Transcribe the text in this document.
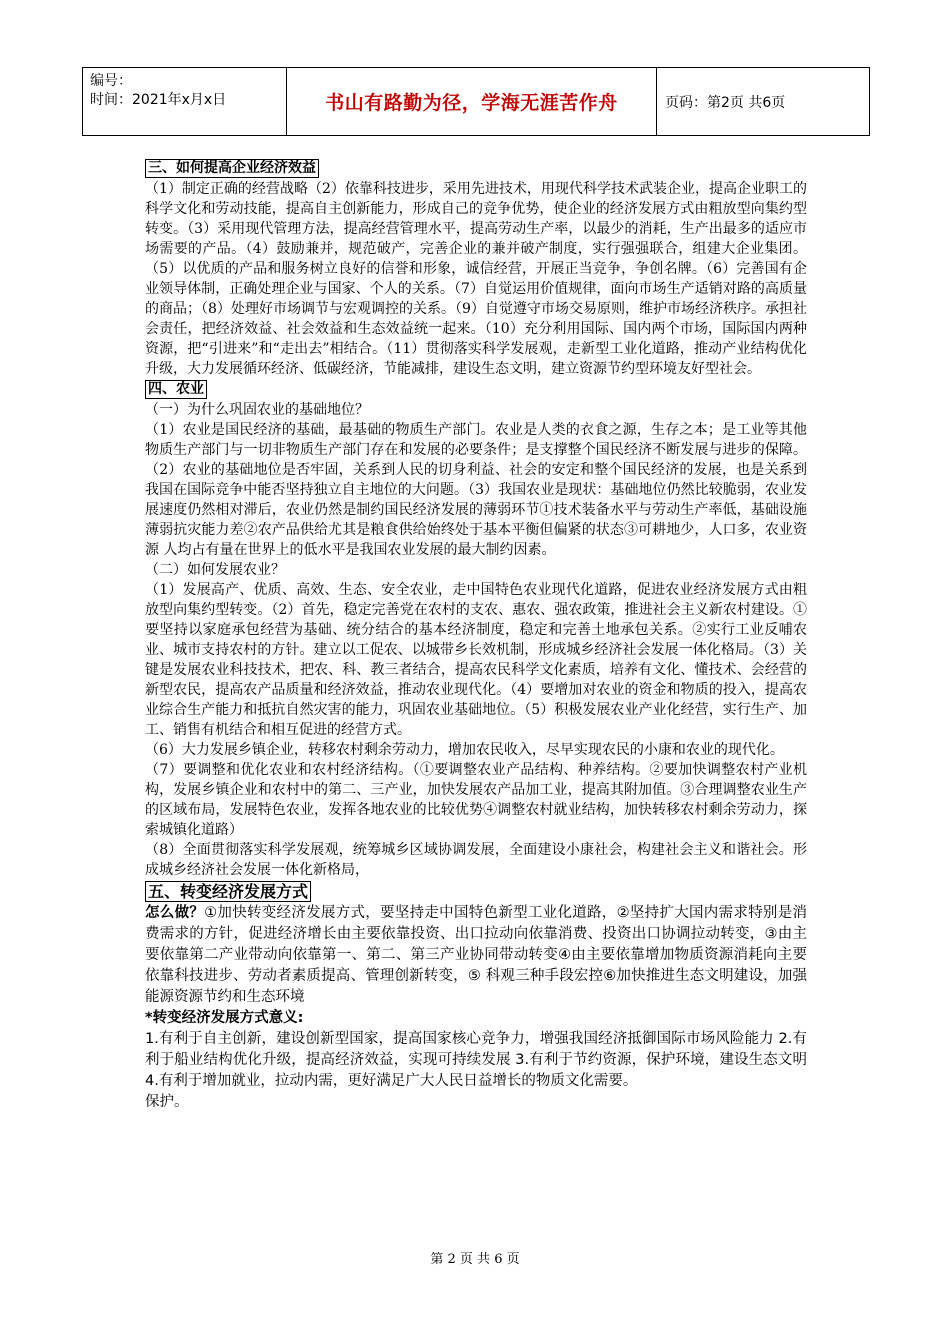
编号：
时间：2021年x月x日	书山有路勤为径，学海无涯苦作舟	页码：第2页 共6页
三、如何提高企业经济效益

（1）制定正确的经营战略（2）依靠科技进步，采用先进技术，用现代科学技术武装企业，提高企业职工的科学文化和劳动技能，提高自主创新能力，形成自己的竞争优势，使企业的经济发展方式由粗放型向集约型转变。（3）采用现代管理方法，提高经营管理水平，提高劳动生产率，以最少的消耗，生产出最多的适应市场需要的产品。（4）鼓励兼并，规范破产，完善企业的兼并破产制度，实行强强联合，组建大企业集团。（5）以优质的产品和服务树立良好的信誉和形象，诚信经营，开展正当竞争，争创名牌。（6）完善国有企业领导体制，正确处理企业与国家、个人的关系。（7）自觉运用价值规律，面向市场生产适销对路的高质量的商品；（8）处理好市场调节与宏观调控的关系。（9）自觉遵守市场交易原则，维护市场经济秩序。承担社会责任，把经济效益、社会效益和生态效益统一起来。（10）充分利用国际、国内两个市场，国际国内两种资源，把“引进来”和“走出去”相结合。（11）贯彻落实科学发展观，走新型工业化道路，推动产业结构优化升级，大力发展循环经济、低碳经济，节能减排，建设生态文明，建立资源节约型环境友好型社会。

四、农业

（一）为什么巩固农业的基础地位？

（1）农业是国民经济的基础，最基础的物质生产部门。农业是人类的衣食之源，生存之本；是工业等其他物质生产部门与一切非物质生产部门存在和发展的必要条件；是支撑整个国民经济不断发展与进步的保障。（2）农业的基础地位是否牢固，关系到人民的切身利益、社会的安定和整个国民经济的发展，也是关系到我国在国际竞争中能否坚持独立自主地位的大问题。（3）我国农业是现状：基础地位仍然比较脆弱，农业发展速度仍然相对滞后，农业仍然是制约国民经济发展的薄弱环节①技术装备水平与劳动生产率低，基础设施薄弱抗灾能力差②农产品供给尤其是粮食供给始终处于基本平衡但偏紧的状态③可耕地少，人口多，农业资源 人均占有量在世界上的低水平是我国农业发展的最大制约因素。

（二）如何发展农业？

（1）发展高产、优质、高效、生态、安全农业，走中国特色农业现代化道路，促进农业经济发展方式由粗放型向集约型转变。（2）首先，稳定完善党在农村的支农、惠农、强农政策，推进社会主义新农村建设。①要坚持以家庭承包经营为基础、统分结合的基本经济制度，稳定和完善土地承包关系。②实行工业反哺农业、城市支持农村的方针。建立以工促农、以城带乡长效机制，形成城乡经济社会发展一体化格局。（3）关键是发展农业科技技术，把农、科、教三者结合，提高农民科学文化素质，培养有文化、懂技术、会经营的新型农民，提高农产品质量和经济效益，推动农业现代化。（4）要增加对农业的资金和物质的投入，提高农业综合生产能力和抵抗自然灾害的能力，巩固农业基础地位。（5）积极发展农业产业化经营，实行生产、加工、销售有机结合和相互促进的经营方式。

（6）大力发展乡镇企业，转移农村剩余劳动力，增加农民收入，尽早实现农民的小康和农业的现代化。

（7）要调整和优化农业和农村经济结构。（①要调整农业产品结构、种养结构。②要加快调整农村产业机构，发展乡镇企业和农村中的第二、三产业，加快发展农产品加工业，提高其附加值。③合理调整农业生产的区域布局，发展特色农业，发挥各地农业的比较优势④调整农村就业结构，加快转移农村剩余劳动力，探索城镇化道路）

（8）全面贯彻落实科学发展观，统筹城乡区域协调发展，全面建设小康社会，构建社会主义和谐社会。形成城乡经济社会发展一体化新格局，

五、转变经济发展方式

怎么做？①加快转变经济发展方式，要坚持走中国特色新型工业化道路，②坚持扩大国内需求特别是消费需求的方针，促进经济增长由主要依靠投资、出口拉动向依靠消费、投资出口协调拉动转变，③由主要依靠第二产业带动向依靠第一、第二、第三产业协同带动转变④由主要依靠增加物质资源消耗向主要依靠科技进步、劳动者素质提高、管理创新转变，⑤ 科观三种手段宏控⑥加快推进生态文明建设，加强能源资源节约和生态环境

*转变经济发展方式意义:

1.有利于自主创新，建设创新型国家，提高国家核心竞争力，增强我国经济抵御国际市场风险能力 2.有利于船业结构优化升级，提高经济效益，实现可持续发展 3.有利于节约资源，保护环境，建设生态文明 4.有利于增加就业，拉动内需，更好满足广大人民日益增长的物质文化需要。

保护。

第 2 页 共 6 页
